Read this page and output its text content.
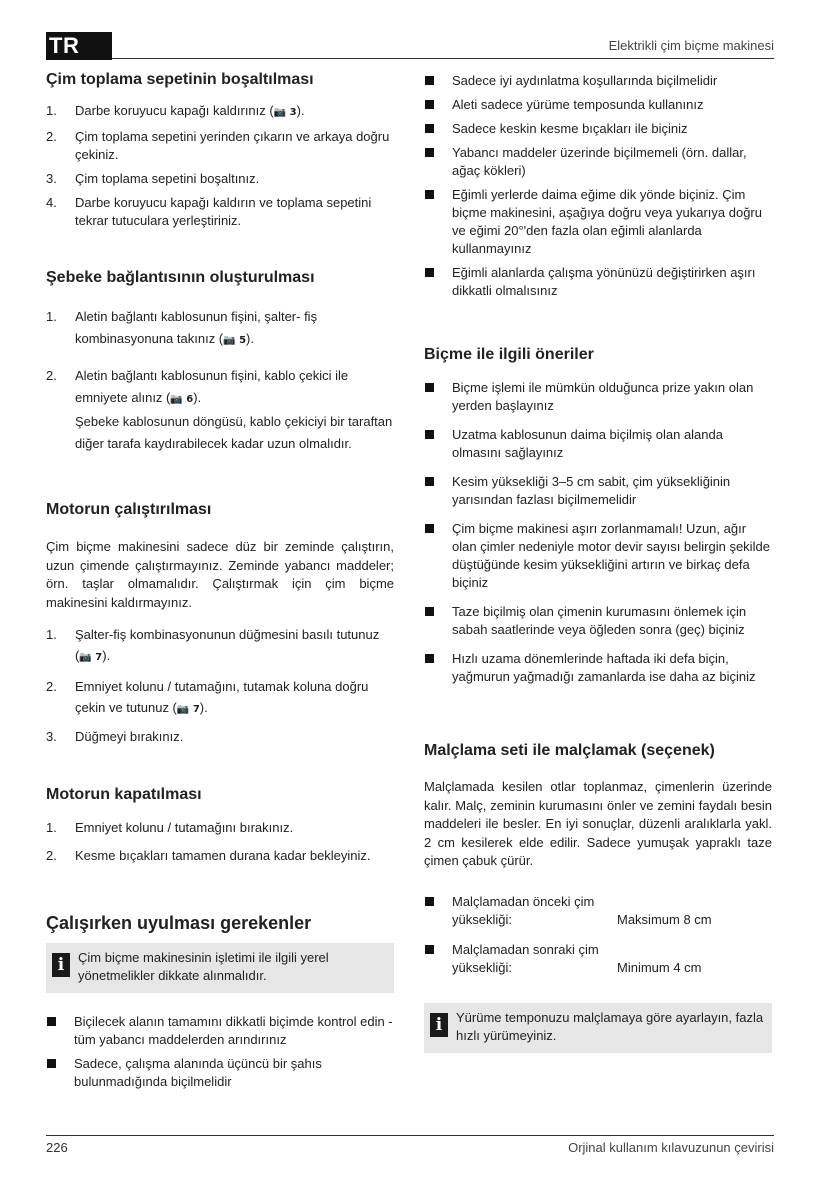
TR	Elektrikli çim biçme makinesi
Çim toplama sepetinin boşaltılması
1. Darbe koruyucu kapağı kaldırınız (📷 3).
2. Çim toplama sepetini yerinden çıkarın ve arkaya doğru çekiniz.
3. Çim toplama sepetini boşaltınız.
4. Darbe koruyucu kapağı kaldırın ve toplama sepetini tekrar tutuculara yerleştiriniz.
Şebeke bağlantısının oluşturulması
1. Aletin bağlantı kablosunun fişini, şalter- fiş kombinasyonuna takınız (📷 5).
2. Aletin bağlantı kablosunun fişini, kablo çekici ile emniyete alınız (📷 6).
Şebeke kablosunun döngüsü, kablo çekiciyi bir taraftan diğer tarafa kaydırabilecek kadar uzun olmalıdır.
Motorun çalıştırılması

Çim biçme makinesini sadece düz bir zeminde çalıştırın, uzun çimende çalıştırmayınız. Zeminde yabancı maddeler; örn. taşlar olmamalıdır. Çalıştırmak için çim biçme makinesini kaldırmayınız.

1. Şalter-fiş kombinasyonunun düğmesini basılı tutunuz (📷 7).
2. Emniyet kolunu / tutamağını, tutamak koluna doğru çekin ve tutunuz (📷 7).
3. Düğmeyi bırakınız.
Motorun kapatılması
1. Emniyet kolunu / tutamağını bırakınız.
2. Kesme bıçakları tamamen durana kadar bekleyiniz.
Çalışırken uyulması gerekenler
i	Çim biçme makinesinin işletimi ile ilgili yerel yönetmelikler dikkate alınmalıdır.
Biçilecek alanın tamamını dikkatli biçimde kontrol edin - tüm yabancı maddelerden arındırınız
Sadece, çalışma alanında üçüncü bir şahıs bulunmadığında biçilmelidir
Sadece iyi aydınlatma koşullarında biçilmelidir
Aleti sadece yürüme temposunda kullanınız
Sadece keskin kesme bıçakları ile biçiniz
Yabancı maddeler üzerinde biçilmemeli (örn. dallar, ağaç kökleri)
Eğimli yerlerde daima eğime dik yönde biçiniz. Çim biçme makinesini, aşağıya doğru veya yukarıya doğru ve eğimi 20°'den fazla olan eğimli alanlarda kullanmayınız
Eğimli alanlarda çalışma yönünüzü değiştirirken aşırı dikkatli olmalısınız
Biçme ile ilgili öneriler
Biçme işlemi ile mümkün olduğunca prize yakın olan yerden başlayınız
Uzatma kablosunun daima biçilmiş olan alanda olmasını sağlayınız
Kesim yüksekliği 3–5 cm sabit, çim yüksekliğinin yarısından fazlası biçilmemelidir
Çim biçme makinesi aşırı zorlanmamalı! Uzun, ağır olan çimler nedeniyle motor devir sayısı belirgin şekilde düştüğünde kesim yüksekliğini artırın ve birkaç defa biçiniz
Taze biçilmiş olan çimenin kurumasını önlemek için sabah saatlerinde veya öğleden sonra (geç) biçiniz
Hızlı uzama dönemlerinde haftada iki defa biçin, yağmurun yağmadığı zamanlarda ise daha az biçiniz
Malçlama seti ile malçlamak (seçenek)

Malçlamada kesilen otlar toplanmaz, çimenlerin üzerinde kalır. Malç, zeminin kurumasını önler ve zemini faydalı besin maddeleri ile besler. En iyi sonuçlar, düzenli aralıklarla yakl. 2 cm kesilerek elde edilir. Sadece yumuşak yapraklı taze çimen çabuk çürür.

Malçlamadan önceki çim
yüksekliği:	Maksimum 8 cm
Malçlamadan sonraki çim
yüksekliği:	Minimum 4 cm
i	Yürüme temponuzu malçlamaya göre ayarlayın, fazla hızlı yürümeyiniz.
226	Orjinal kullanım kılavuzunun çevirisi
